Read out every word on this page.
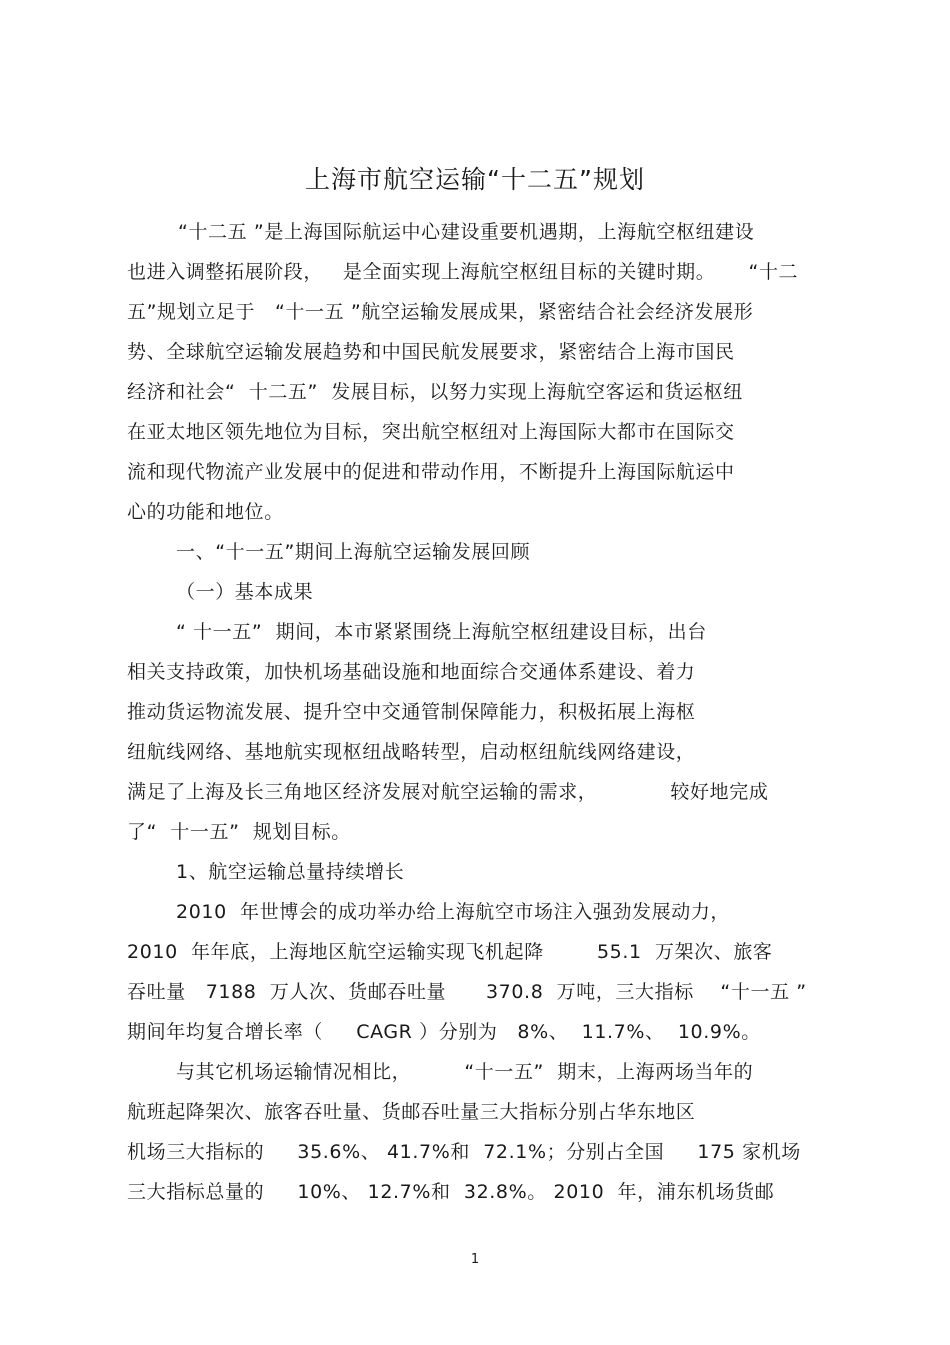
上海市航空运输“十二五”规划
“十二五 ”是上海国际航运中心建设重要机遇期，上海航空枢纽建设
也进入调整拓展阶段，   是全面实现上海航空枢纽目标的关键时期。     “十二
五”规划立足于   “十一五 ”航空运输发展成果，紧密结合社会经济发展形
势、全球航空运输发展趋势和中国民航发展要求，紧密结合上海市国民
经济和社会“  十二五”  发展目标，以努力实现上海航空客运和货运枢纽
在亚太地区领先地位为目标，突出航空枢纽对上海国际大都市在国际交
流和现代物流产业发展中的促进和带动作用，不断提升上海国际航运中
心的功能和地位。
一、“十一五”期间上海航空运输发展回顾
（一）基本成果
“ 十一五”  期间，本市紧紧围绕上海航空枢纽建设目标，出台
相关支持政策，加快机场基础设施和地面综合交通体系建设、着力
推动货运物流发展、提升空中交通管制保障能力，积极拓展上海枢
纽航线网络、基地航实现枢纽战略转型，启动枢纽航线网络建设，
满足了上海及长三角地区经济发展对航空运输的需求，           较好地完成
了“  十一五”  规划目标。
1、航空运输总量持续增长
2010  年世博会的成功举办给上海航空市场注入强劲发展动力，
2010  年年底，上海地区航空运输实现飞机起降        55.1  万架次、旅客
吞吐量   7188  万人次、货邮吞吐量      370.8  万吨，三大指标    “十一五 ”
期间年均复合增长率（     CAGR ）分别为   8%、  11.7%、  10.9%。
与其它机场运输情况相比，        “十一五”  期末，上海两场当年的
航班起降架次、旅客吞吐量、货邮吞吐量三大指标分别占华东地区
机场三大指标的     35.6%、 41.7%和  72.1%；分别占全国     175 家机场
三大指标总量的     10%、 12.7%和  32.8%。 2010  年，浦东机场货邮
1
